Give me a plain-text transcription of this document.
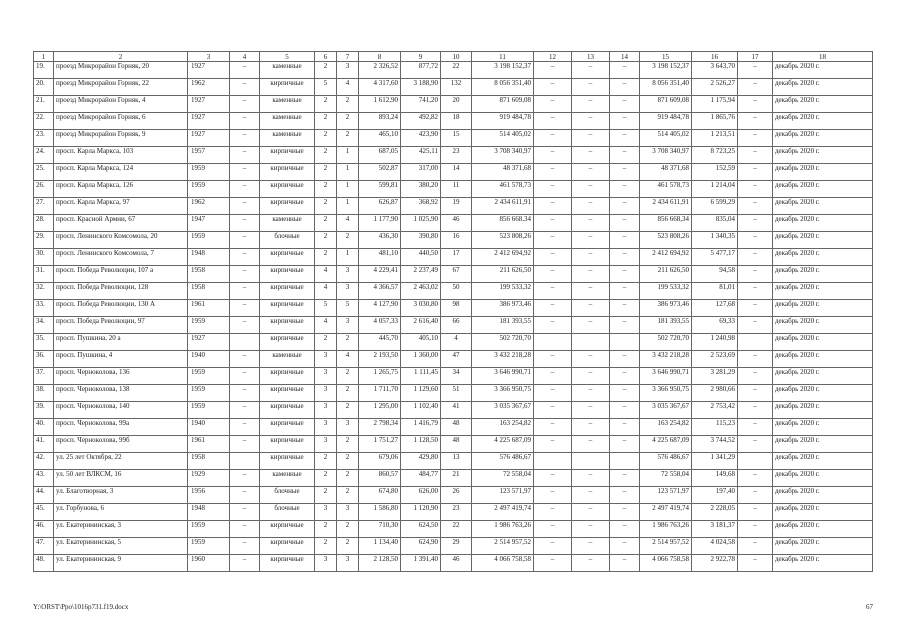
1	2	3	4	5	6	7	8	9	10	11	12	13	14	15	16	17	18
19.	проезд Микрорайон Горняк, 20	1927	–	каменные	2	3	2 326,52	877,72	22	3 198 152,37	–	–	–	3 198 152,37	3 643,70	–	декабрь 2020 г.
20.	проезд Микрорайон Горняк, 22	1962	–	кирпичные	5	4	4 317,60	3 188,90	132	8 056 351,40	–	–	–	8 056 351,40	2 526,27	–	декабрь 2020 г.
21.	проезд Микрорайон Горняк, 4	1927	–	каменные	2	2	1 612,90	741,20	20	871 609,08	–	–	–	871 609,08	1 175,94	–	декабрь 2020 г.
22.	проезд Микрорайон Горняк, 6	1927	–	каменные	2	2	893,24	492,82	18	919 484,78	–	–	–	919 484,78	1 865,76	–	декабрь 2020 г.
23.	проезд Микрорайон Горняк, 9	1927	–	каменные	2	2	465,10	423,90	15	514 405,02	–	–	–	514 405,02	1 213,51	–	декабрь 2020 г.
24.	просп. Карла Маркса, 103	1957	–	кирпичные	2	1	687,05	425,11	23	3 708 340,97	–	–	–	3 708 340,97	8 723,25	–	декабрь 2020 г.
25.	просп. Карла Маркса, 124	1959	–	кирпичные	2	1	502,87	317,00	14	48 371,68	–	–	–	48 371,68	152,59	–	декабрь 2020 г.
26.	просп. Карла Маркса, 126	1959	–	кирпичные	2	1	599,81	380,20	11	461 578,73	–	–	–	461 578,73	1 214,04	–	декабрь 2020 г.
27.	просп. Карла Маркса, 97	1962	–	кирпичные	2	1	626,87	368,92	19	2 434 611,91	–	–	–	2 434 611,91	6 599,29	–	декабрь 2020 г.
28.	просп. Красной Армии, 67	1947	–	каменные	2	4	1 177,90	1 025,90	46	856 668,34	–	–	–	856 668,34	835,04	–	декабрь 2020 г.
29.	просп. Ленинского Комсомола, 20	1959	–	блочные	2	2	436,30	390,80	16	523 808,26	–	–	–	523 808,26	1 340,35	–	декабрь 2020 г.
30.	просп. Ленинского Комсомола, 7	1948	–	кирпичные	2	1	481,10	440,50	17	2 412 694,92	–	–	–	2 412 694,92	5 477,17	–	декабрь 2020 г.
31.	просп. Победа Революции, 107 а	1958	–	кирпичные	4	3	4 229,41	2 237,49	67	211 626,50	–	–	–	211 626,50	94,58	–	декабрь 2020 г.
32.	просп. Победа Революции, 128	1958	–	кирпичные	4	3	4 366,57	2 463,02	50	199 533,32	–	–	–	199 533,32	81,01	–	декабрь 2020 г.
33.	просп. Победа Революции, 130 А	1961	–	кирпичные	5	5	4 127,90	3 030,80	98	386 973,46	–	–	–	386 973,46	127,68	–	декабрь 2020 г.
34.	просп. Победа Революции, 97	1959	–	кирпичные	4	3	4 057,33	2 616,40	66	181 393,55	–	–	–	181 393,55	69,33	–	декабрь 2020 г.
35.	просп. Пушкина, 20 а	1927		кирпичные	2	2	445,70	405,10	4	502 720,70				502 720,70	1 240,98		декабрь 2020 г.
36.	просп. Пушкина, 4	1940	–	каменные	3	4	2 193,50	1 360,00	47	3 432 218,28	–	–	–	3 432 218,28	2 523,69	–	декабрь 2020 г.
37.	просп. Черноколова, 136	1959	–	кирпичные	3	2	1 265,75	1 111,45	34	3 646 990,71	–	–	–	3 646 990,71	3 281,29	–	декабрь 2020 г.
38.	просп. Черноколова, 138	1959	–	кирпичные	3	2	1 711,70	1 129,60	51	3 366 950,75	–	–	–	3 366 950,75	2 980,66	–	декабрь 2020 г.
39.	просп. Черноколова, 140	1959	–	кирпичные	3	2	1 295,00	1 102,40	41	3 035 367,67	–	–	–	3 035 367,67	2 753,42	–	декабрь 2020 г.
40.	просп. Черноколова, 99а	1940	–	кирпичные	3	3	2 798,34	1 416,79	48	163 254,82	–	–	–	163 254,82	115,23	–	декабрь 2020 г.
41.	просп. Черноколова, 99б	1961	–	кирпичные	3	2	1 751,27	1 128,50	48	4 225 687,09	–	–	–	4 225 687,09	3 744,52	–	декабрь 2020 г.
42.	ул. 25 лет Октября, 22	1958		кирпичные	2	2	679,06	429,80	13	576 486,67				576 486,67	1 341,29		декабрь 2020 г.
43.	ул. 50 лет ВЛКСМ, 16	1929	–	каменные	2	2	860,57	484,77	21	72 558,04	–	–	–	72 558,04	149,68	–	декабрь 2020 г.
44.	ул. Благотворная, 3	1956	–	блочные	2	2	674,80	626,00	26	123 571,97	–	–	–	123 571,97	197,40	–	декабрь 2020 г.
45.	ул. Горбунова, 6	1948	–	блочные	3	3	1 586,80	1 120,90	23	2 497 419,74	–	–	–	2 497 419,74	2 228,05	–	декабрь 2020 г.
46.	ул. Екатерининская, 3	1959	–	кирпичные	2	2	710,30	624,50	22	1 986 763,26	–	–	–	1 986 763,26	3 181,37	–	декабрь 2020 г.
47.	ул. Екатерининская, 5	1959	–	кирпичные	2	2	1 134,40	624,90	29	2 514 957,52	–	–	–	2 514 957,52	4 024,58	–	декабрь 2020 г.
48.	ул. Екатерининская, 9	1960	–	кирпичные	3	3	2 128,50	1 391,40	46	4 066 758,58	–	–	–	4 066 758,58	2 922,78	–	декабрь 2020 г.
Y:\ORST\Ppo\1016p731.f19.docx	67
